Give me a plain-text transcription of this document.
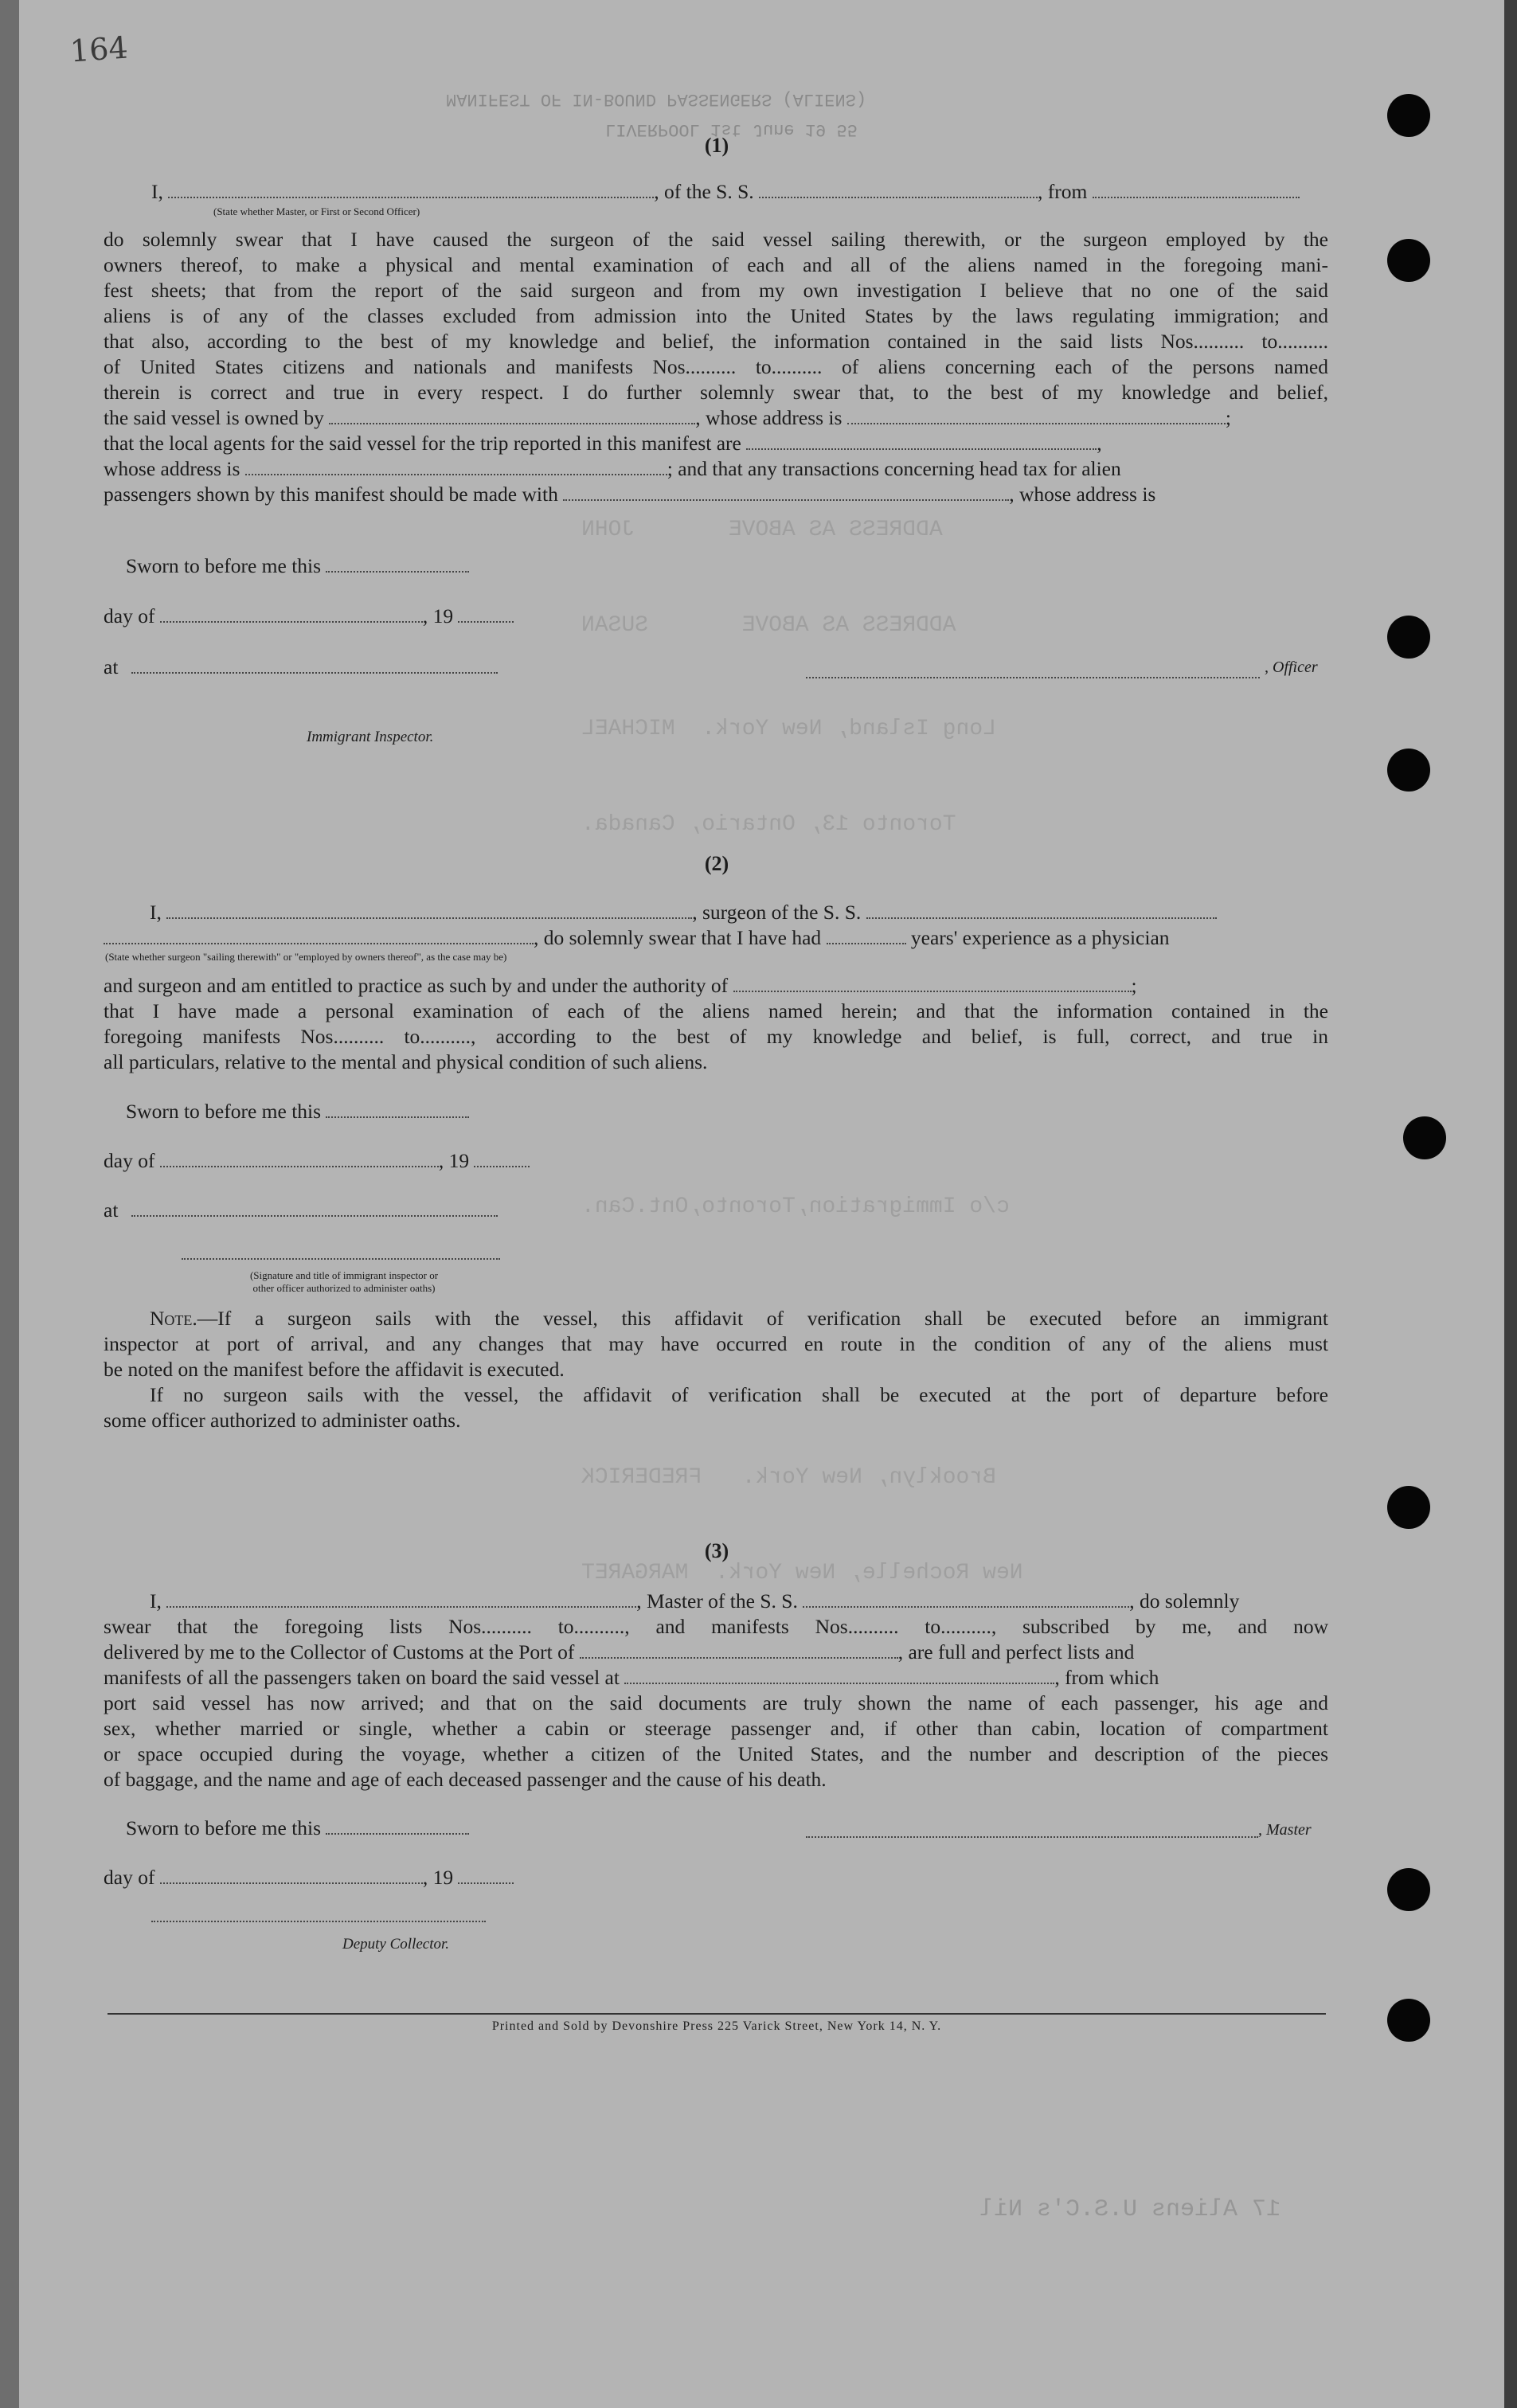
164
MANIFEST OF IN-BOUND PASSENGERS (ALIENS)
LIVERPOOL 1st June 19 55
ADDRESS AS ABOVE       JOHN
ADDRESS AS ABOVE       SUSAN
Long Island, New York.  MICHAEL
Toronto 13, Ontario, Canada.
c/o Immigration,Toronto,Ont.Can.
Brooklyn, New York.   FREDERICK
New Rochelle, New York.  MARGARET
(1)
I,	, of the S. S.	, from
(State whether Master, or First or Second Officer)
do solemnly swear that I have caused the surgeon of the said vessel sailing therewith, or the surgeon employed by the
owners thereof, to make a physical and mental examination of each and all of the aliens named in the foregoing mani-
fest sheets; that from the report of the said surgeon and from my own investigation I believe that no one of the said
aliens is of any of the classes excluded from admission into the United States by the laws regulating immigration; and
that also, according to the best of my knowledge and belief, the information contained in the said lists Nos.......... to..........
of United States citizens and nationals and manifests Nos.......... to.......... of aliens concerning each of the persons named
therein is correct and true in every respect. I do further solemnly swear that, to the best of my knowledge and belief,
the said vessel is owned by	, whose address is	;
that the local agents for the said vessel for the trip reported in this manifest are	,
whose address is	; and that any transactions concerning head tax for alien
passengers shown by this manifest should be made with	, whose address is
Sworn to before me this
day of	, 19
at	, Officer
Immigrant Inspector.
(2)
I,	, surgeon of the S. S.
, do solemnly swear that I have had	years' experience as a physician
(State whether surgeon "sailing therewith" or "employed by owners thereof", as the case may be)
and surgeon and am entitled to practice as such by and under the authority of	;
that I have made a personal examination of each of the aliens named herein; and that the information contained in the
foregoing manifests Nos.......... to.........., according to the best of my knowledge and belief, is full, correct, and true in
all particulars, relative to the mental and physical condition of such aliens.
Sworn to before me this
day of	, 19
at
(Signature and title of immigrant inspector or
other officer authorized to administer oaths)
Note.—If a surgeon sails with the vessel, this affidavit of verification shall be executed before an immigrant
inspector at port of arrival, and any changes that may have occurred en route in the condition of any of the aliens must
be noted on the manifest before the affidavit is executed.
If no surgeon sails with the vessel, the affidavit of verification shall be executed at the port of departure before
some officer authorized to administer oaths.
(3)
I,	, Master of the S. S.	, do solemnly
swear that the foregoing lists Nos.......... to.........., and manifests Nos.......... to.........., subscribed by me, and now
delivered by me to the Collector of Customs at the Port of	, are full and perfect lists and
manifests of all the passengers taken on board the said vessel at	, from which
port said vessel has now arrived; and that on the said documents are truly shown the name of each passenger, his age and
sex, whether married or single, whether a cabin or steerage passenger and, if other than cabin, location of compartment
or space occupied during the voyage, whether a citizen of the United States, and the number and description of the pieces
of baggage, and the name and age of each deceased passenger and the cause of his death.
Sworn to before me this	, Master
day of	, 19
Deputy Collector.
Printed and Sold by Devonshire Press 225 Varick Street, New York 14, N. Y.
17 Aliens U.S.C's Nil
